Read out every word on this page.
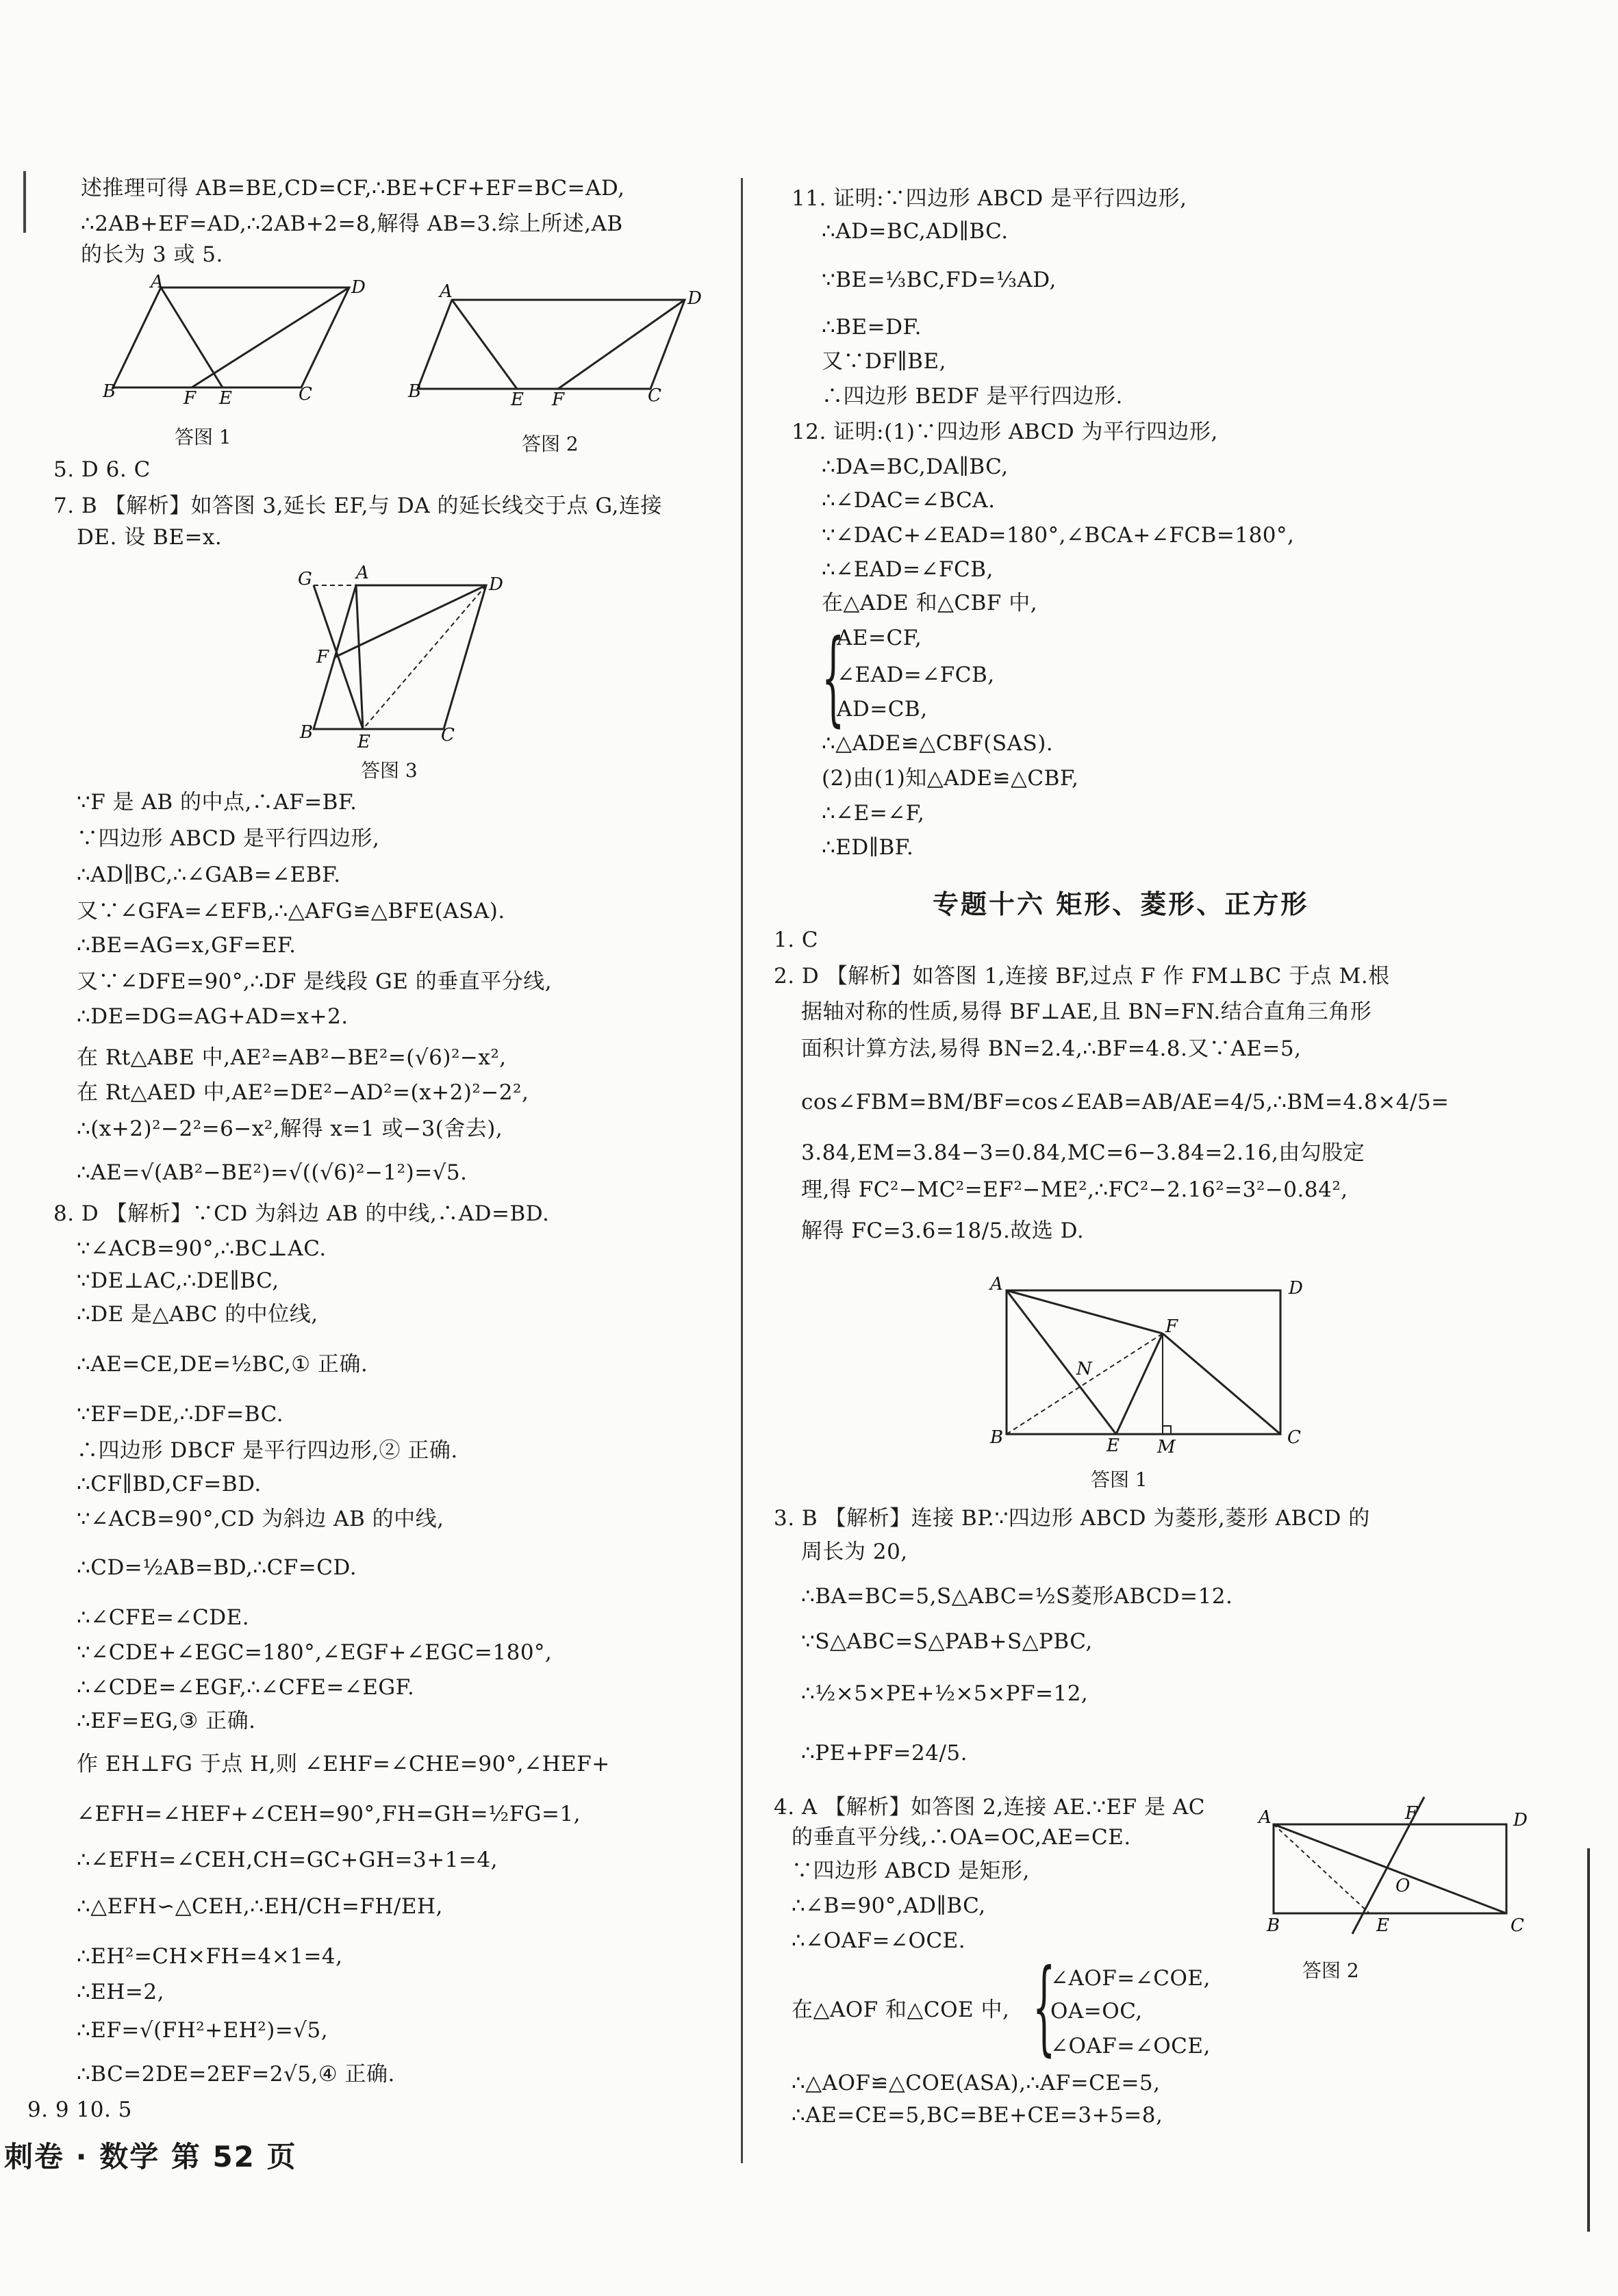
述推理可得 AB=BE,CD=CF,∴BE+CF+EF=BC=AD,
∴2AB+EF=AD,∴2AB+2=8,解得 AB=3.综上所述,AB
的长为 3 或 5.
A	D
B	F E	C
答图 1
A	D
B	E F	C
答图 2
5. D 6. C
7. B 【解析】如答图 3,延长 EF,与 DA 的延长线交于点 G,连接
DE. 设 BE=x.
G A
D
F
B E	C
答图 3
∵F 是 AB 的中点,∴AF=BF.
∵四边形 ABCD 是平行四边形,
∴AD∥BC,∴∠GAB=∠EBF.
又∵∠GFA=∠EFB,∴△AFG≌△BFE(ASA).
∴BE=AG=x,GF=EF.
又∵∠DFE=90°,∴DF 是线段 GE 的垂直平分线,
∴DE=DG=AG+AD=x+2.
在 Rt△ABE 中,AE²=AB²−BE²=(√6)²−x²,
在 Rt△AED 中,AE²=DE²−AD²=(x+2)²−2²,
∴(x+2)²−2²=6−x²,解得 x=1 或−3(舍去),
∴AE=√(AB²−BE²)=√((√6)²−1²)=√5.
8. D 【解析】∵CD 为斜边 AB 的中线,∴AD=BD.
∵∠ACB=90°,∴BC⊥AC.
∵DE⊥AC,∴DE∥BC,
∴DE 是△ABC 的中位线,
∴AE=CE,DE=½BC,① 正确.
∵EF=DE,∴DF=BC.
∴四边形 DBCF 是平行四边形,② 正确.
∴CF∥BD,CF=BD.
∵∠ACB=90°,CD 为斜边 AB 的中线,
∴CD=½AB=BD,∴CF=CD.
∴∠CFE=∠CDE.
∵∠CDE+∠EGC=180°,∠EGF+∠EGC=180°,
∴∠CDE=∠EGF,∴∠CFE=∠EGF.
∴EF=EG,③ 正确.
作 EH⊥FG 于点 H,则 ∠EHF=∠CHE=90°,∠HEF+
∠EFH=∠HEF+∠CEH=90°,FH=GH=½FG=1,
∴∠EFH=∠CEH,CH=GC+GH=3+1=4,
∴△EFH∽△CEH,∴EH/CH=FH/EH,
∴EH²=CH×FH=4×1=4,
∴EH=2,
∴EF=√(FH²+EH²)=√5,
∴BC=2DE=2EF=2√5,④ 正确.
9. 9 10. 5
刺卷 · 数学 第 52 页
11. 证明:∵四边形 ABCD 是平行四边形,
∴AD=BC,AD∥BC.
∵BE=⅓BC,FD=⅓AD,
∴BE=DF.
又∵DF∥BE,
∴四边形 BEDF 是平行四边形.
12. 证明:(1)∵四边形 ABCD 为平行四边形,
∴DA=BC,DA∥BC,
∴∠DAC=∠BCA.
∵∠DAC+∠EAD=180°,∠BCA+∠FCB=180°,
∴∠EAD=∠FCB,
在△ADE 和△CBF 中,
{
AE=CF,
∠EAD=∠FCB,
AD=CB,
∴△ADE≌△CBF(SAS).
(2)由(1)知△ADE≌△CBF,
∴∠E=∠F,
∴ED∥BF.
专题十六 矩形、菱形、正方形
1. C
2. D 【解析】如答图 1,连接 BF,过点 F 作 FM⊥BC 于点 M.根
据轴对称的性质,易得 BF⊥AE,且 BN=FN.结合直角三角形
面积计算方法,易得 BN=2.4,∴BF=4.8.又∵AE=5,
cos∠FBM=BM/BF=cos∠EAB=AB/AE=4/5,∴BM=4.8×4/5=
3.84,EM=3.84−3=0.84,MC=6−3.84=2.16,由勾股定
理,得 FC²−MC²=EF²−ME²,∴FC²−2.16²=3²−0.84²,
解得 FC=3.6=18/5.故选 D.
A	D
F
N
B	E M	C
答图 1
3. B 【解析】连接 BP.∵四边形 ABCD 为菱形,菱形 ABCD 的
周长为 20,
∴BA=BC=5,S△ABC=½S菱形ABCD=12.
∵S△ABC=S△PAB+S△PBC,
∴½×5×PE+½×5×PF=12,
∴PE+PF=24/5.
4. A 【解析】如答图 2,连接 AE.∵EF 是 AC
的垂直平分线,∴OA=OC,AE=CE.
∵四边形 ABCD 是矩形,
∴∠B=90°,AD∥BC,
∴∠OAF=∠OCE.
在△AOF 和△COE 中, {
∠AOF=∠COE,
OA=OC,
∠OAF=∠OCE,
∴△AOF≌△COE(ASA),∴AF=CE=5,
∴AE=CE=5,BC=BE+CE=3+5=8,
A	F	D
O
B	E	C
答图 2
